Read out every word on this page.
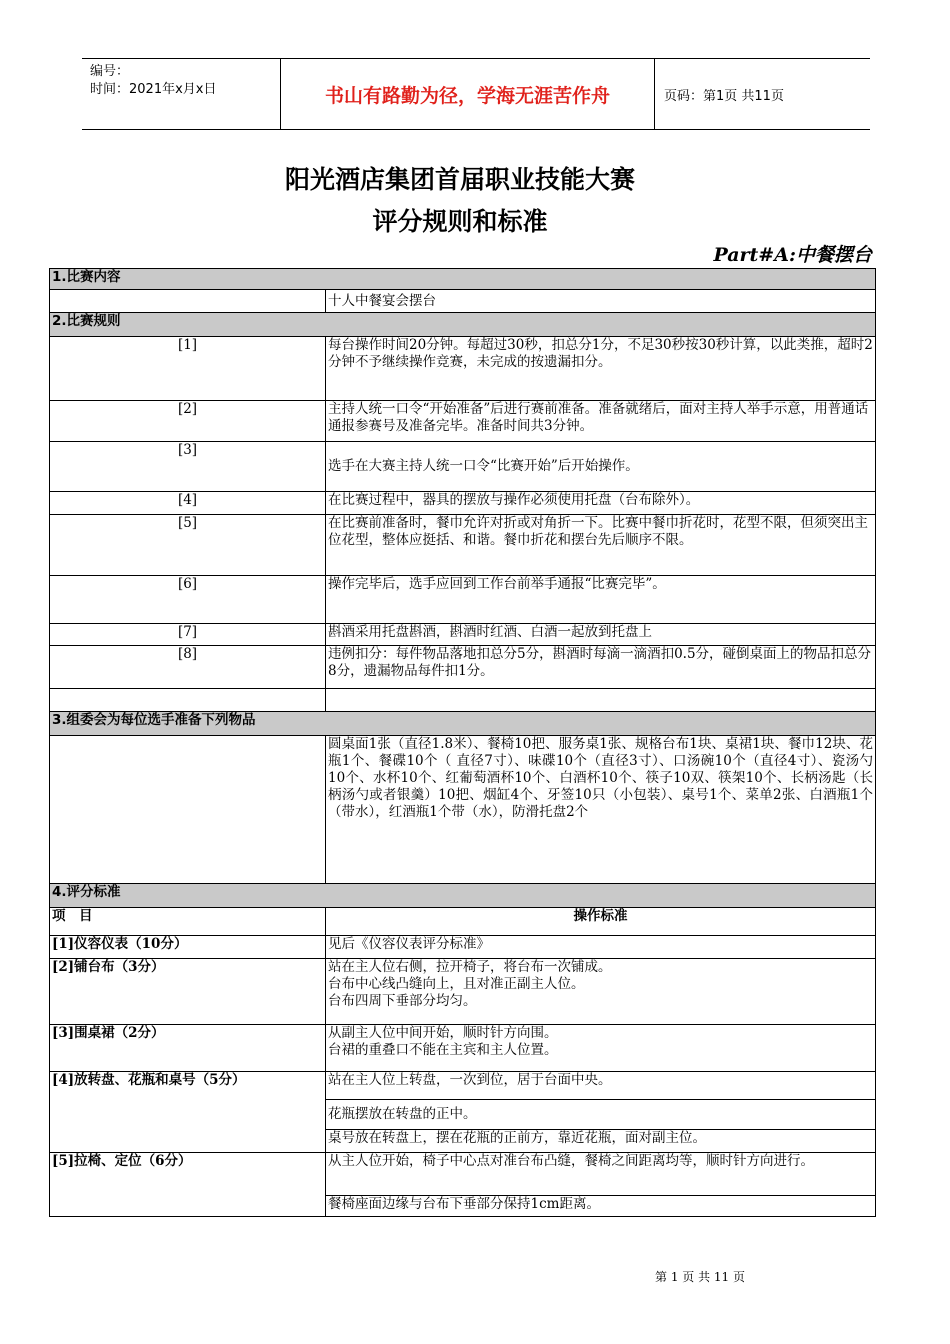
编号：
时间：2021年x月x日	书山有路勤为径，学海无涯苦作舟	页码：第1页 共11页
阳光酒店集团首届职业技能大赛
评分规则和标准
Part#A:中餐摆台
1.比赛内容	
	十人中餐宴会摆台
2.比赛规则	
[1]	每台操作时间20分钟。每超过30秒，扣总分1分，不足30秒按30秒计算，以此类推，超时2分钟不予继续操作竞赛，未完成的按遗漏扣分。
[2]	主持人统一口令“开始准备”后进行赛前准备。准备就绪后，面对主持人举手示意，用普通话通报参赛号及准备完毕。准备时间共3分钟。
[3]	选手在大赛主持人统一口令“比赛开始”后开始操作。
[4]	在比赛过程中，器具的摆放与操作必须使用托盘（台布除外）。
[5]	在比赛前准备时，餐巾允许对折或对角折一下。比赛中餐巾折花时，花型不限，但须突出主位花型，整体应挺括、和谐。餐巾折花和摆台先后顺序不限。
[6]	操作完毕后，选手应回到工作台前举手通报“比赛完毕”。
[7]	斟酒采用托盘斟酒，斟酒时红酒、白酒一起放到托盘上
[8]	违例扣分：每件物品落地扣总分5分，斟酒时每滴一滴酒扣0.5分，碰倒桌面上的物品扣总分8分，遗漏物品每件扣1分。

3.组委会为每位选手准备下列物品	
	圆桌面1张（直径1.8米）、餐椅10把、服务桌1张、规格台布1块、桌裙1块、餐巾12块、花瓶1个、餐碟10个（ 直径7寸）、味碟10个（直径3寸）、口汤碗10个（直径4寸）、瓷汤勺10个、水杯10个、红葡萄酒杯10个、白酒杯10个、筷子10双、筷架10个、长柄汤匙（长柄汤勺或者银羹）10把、烟缸4个、牙签10只（小包装）、桌号1个、菜单2张、白酒瓶1个（带水），红酒瓶1个带（水），防滑托盘2个
4.评分标准	
项　目	操作标准
[1]仪容仪表（10分）	见后《仪容仪表评分标准》

[2]铺台布（3分）	站在主人位右侧，拉开椅子，将台布一次铺成。
台布中心线凸缝向上，且对准正副主人位。
台布四周下垂部分均匀。

[3]围桌裙（2分）	从副主人位中间开始，顺时针方向围。
台裙的重叠口不能在主宾和主人位置。

[4]放转盘、花瓶和桌号（5分）	站在主人位上转盘，一次到位，居于台面中央。
	花瓶摆放在转盘的正中。
	桌号放在转盘上，摆在花瓶的正前方，靠近花瓶，面对副主位。
[5]拉椅、定位（6分）	从主人位开始，椅子中心点对准台布凸缝，餐椅之间距离均等，顺时针方向进行。
	餐椅座面边缘与台布下垂部分保持1cm距离。
第 1 页 共 11 页
